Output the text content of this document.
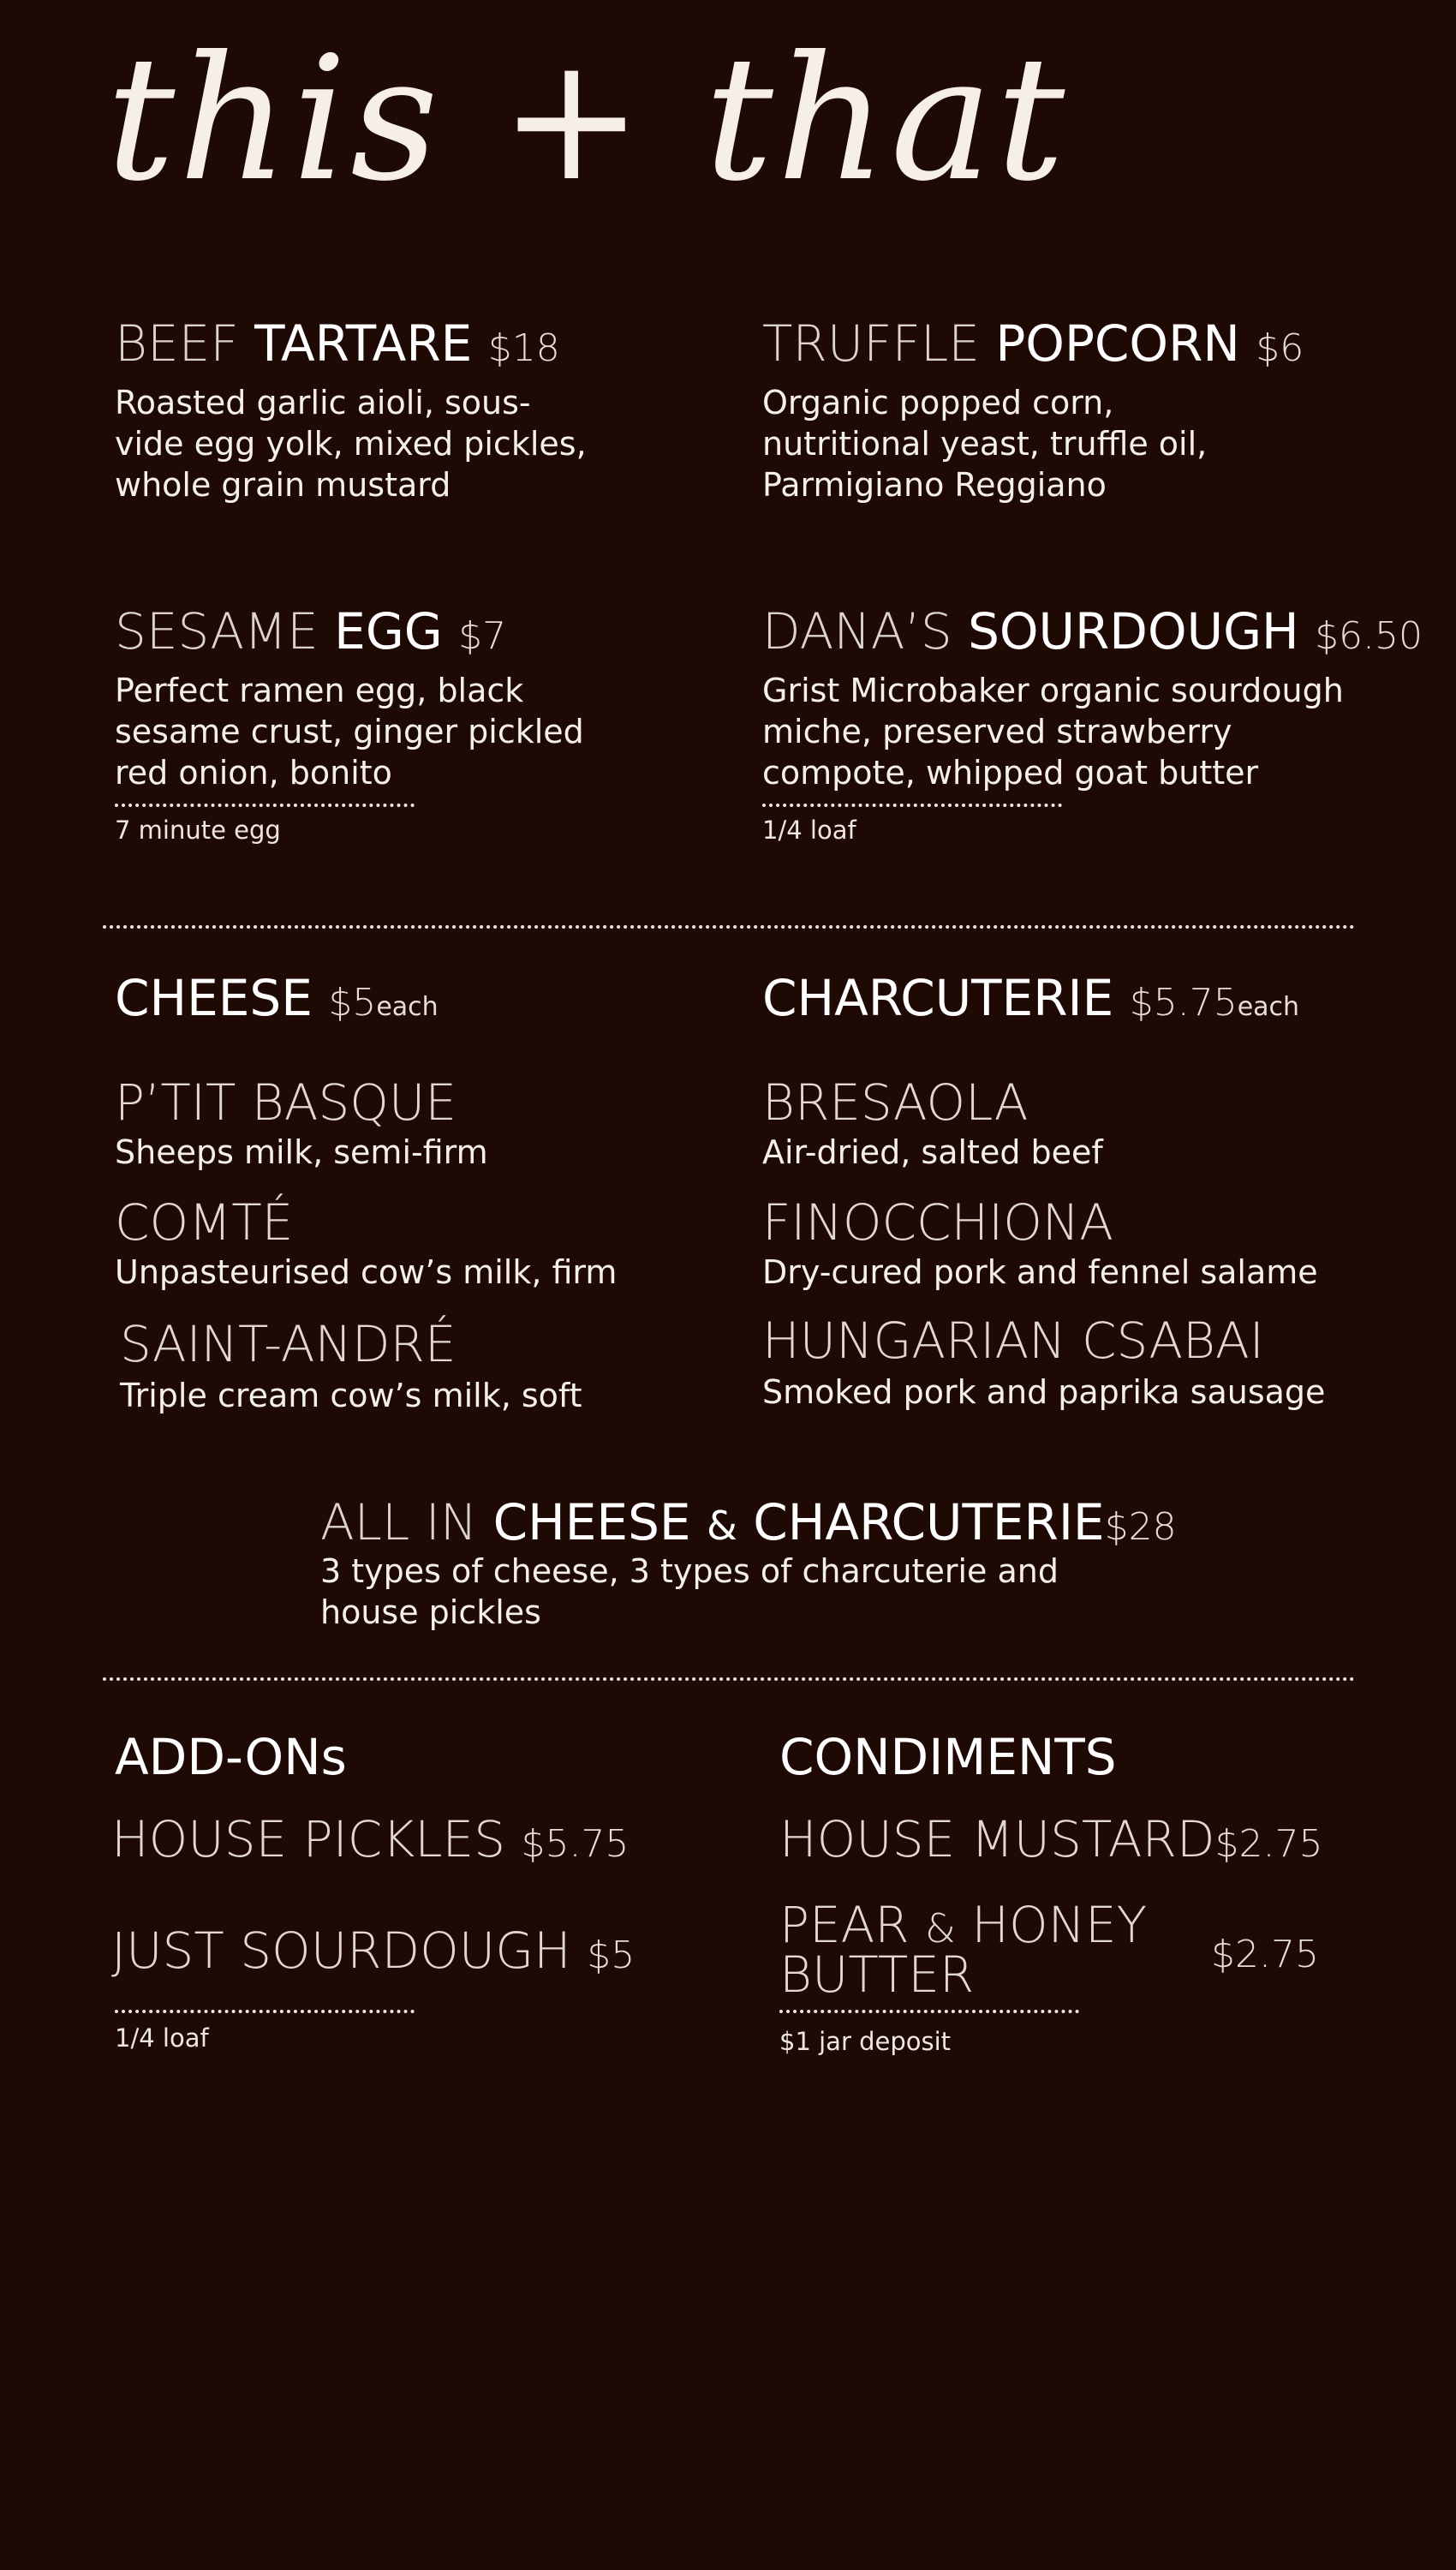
this + that
BEEF TARTARE $18
Roasted garlic aioli, sous-vide egg yolk, mixed pickles, whole grain mustard
TRUFFLE POPCORN $6
Organic popped corn, nutritional yeast, truffle oil, Parmigiano Reggiano
SESAME EGG $7
Perfect ramen egg, black sesame crust, ginger pickled red onion, bonito
7 minute egg
DANA’S SOURDOUGH $6.50
Grist Microbaker organic sourdough miche, preserved strawberry compote, whipped goat butter
1/4 loaf
CHEESE $5each
P’TIT BASQUE
Sheeps milk, semi-firm
COMTÉ
Unpasteurised cow’s milk, firm
SAINT-ANDRÉ
Triple cream cow’s milk, soft
CHARCUTERIE $5.75each
BRESAOLA
Air-dried, salted beef
FINOCCHIONA
Dry-cured pork and fennel salame
HUNGARIAN CSABAI
Smoked pork and paprika sausage
ALL IN CHEESE & CHARCUTERIE$28
3 types of cheese, 3 types of charcuterie and house pickles
ADD-ONs
HOUSE PICKLES $5.75
JUST SOURDOUGH $5
1/4 loaf
CONDIMENTS
HOUSE MUSTARD$2.75
PEAR & HONEY
BUTTER	$2.75
$1 jar deposit
